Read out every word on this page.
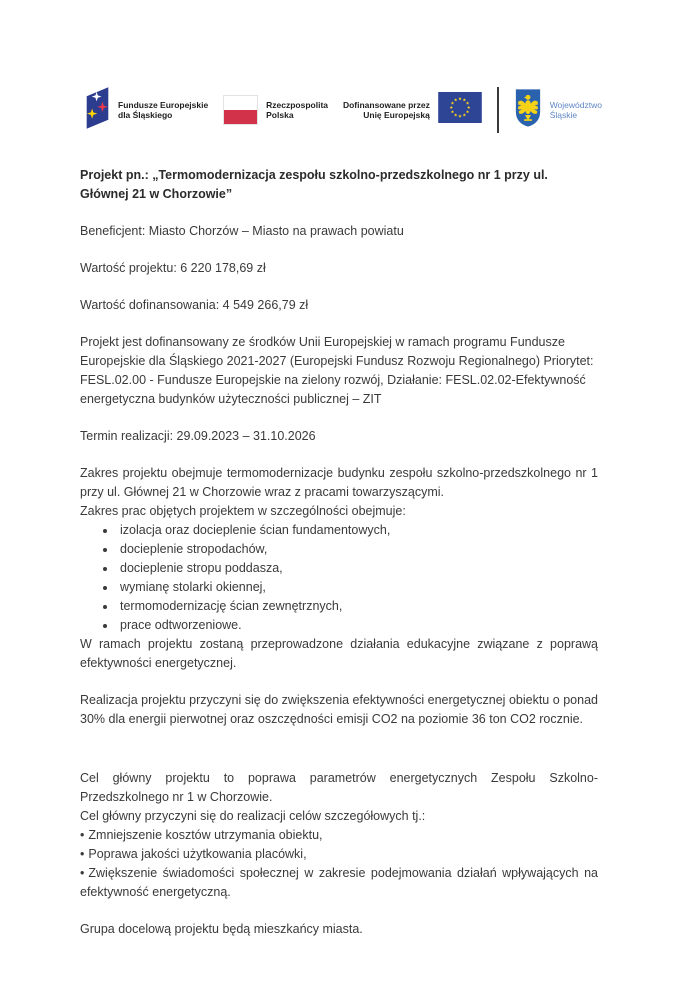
Fundusze Europejskie
dla Śląskiego
Rzeczpospolita
Polska
Dofinansowane przez
Unię Europejską
Województwo
Śląskie

Projekt pn.: „Termomodernizacja zespołu szkolno-przedszkolnego nr 1 przy ul. Głównej 21 w Chorzowie”

Beneficjent: Miasto Chorzów – Miasto na prawach powiatu

Wartość projektu: 6 220 178,69 zł

Wartość dofinansowania: 4 549 266,79 zł

Projekt jest dofinansowany ze środków Unii Europejskiej w ramach programu Fundusze Europejskie dla Śląskiego 2021-2027 (Europejski Fundusz Rozwoju Regionalnego) Priorytet: FESL.02.00 - Fundusze Europejskie na zielony rozwój, Działanie: FESL.02.02-Efektywność energetyczna budynków użyteczności publicznej – ZIT

Termin realizacji: 29.09.2023 – 31.10.2026

Zakres projektu obejmuje termomodernizacje budynku zespołu szkolno-przedszkolnego nr 1 przy ul. Głównej 21 w Chorzowie wraz z pracami towarzyszącymi.

Zakres prac objętych projektem w szczególności obejmuje:

• izolacja oraz docieplenie ścian fundamentowych,
• docieplenie stropodachów,
• docieplenie stropu poddasza,
• wymianę stolarki okiennej,
• termomodernizację ścian zewnętrznych,
• prace odtworzeniowe.

W ramach projektu zostaną przeprowadzone działania edukacyjne związane z poprawą efektywności energetycznej.

Realizacja projektu przyczyni się do zwiększenia efektywności energetycznej obiektu o ponad 30% dla energii pierwotnej oraz oszczędności emisji CO2 na poziomie 36 ton CO2 rocznie.

Cel główny projektu to poprawa parametrów energetycznych Zespołu Szkolno-Przedszkolnego nr 1 w Chorzowie.

Cel główny przyczyni się do realizacji celów szczegółowych tj.:

• Zmniejszenie kosztów utrzymania obiektu,
• Poprawa jakości użytkowania placówki,
• Zwiększenie świadomości społecznej w zakresie podejmowania działań wpływających na efektywność energetyczną.

Grupa docelową projektu będą mieszkańcy miasta.
